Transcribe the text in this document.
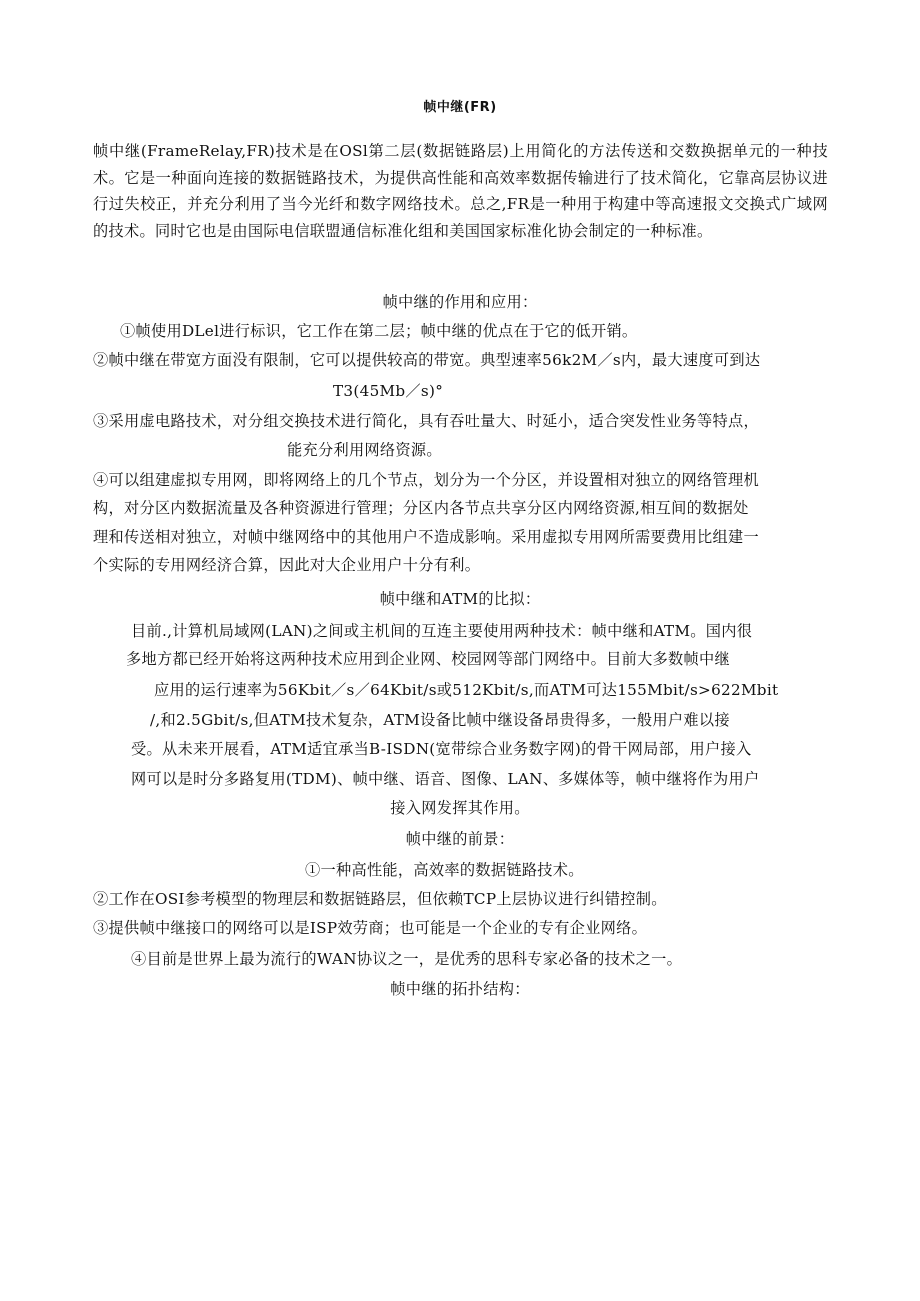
帧中继(FR)
帧中继(FrameRelay,FR)技术是在OSl第二层(数据链路层)上用简化的方法传送和交数换据单元的一种技术。它是一种面向连接的数据链路技术，为提供高性能和高效率数据传输进行了技术简化，它靠高层协议进行过失校正，并充分利用了当今光纤和数字网络技术。总之,FR是一种用于构建中等高速报文交换式广域网的技术。同时它也是由国际电信联盟通信标准化组和美国国家标准化协会制定的一种标准。
帧中继的作用和应用：
①帧使用DLel进行标识，它工作在第二层；帧中继的优点在于它的低开销。
②帧中继在带宽方面没有限制，它可以提供较高的带宽。典型速率56k2M／s内，最大速度可到达
T3(45Mb／s)°
③采用虚电路技术，对分组交换技术进行简化，具有吞吐量大、时延小，适合突发性业务等特点，
能充分利用网络资源。
④可以组建虚拟专用网，即将网络上的几个节点，划分为一个分区，并设置相对独立的网络管理机
构，对分区内数据流量及各种资源进行管理；分区内各节点共享分区内网络资源,相互间的数据处
理和传送相对独立，对帧中继网络中的其他用户不造成影响。采用虚拟专用网所需要费用比组建一
个实际的专用网经济合算，因此对大企业用户十分有利。
帧中继和ATM的比拟：
目前.,计算机局域网(LAN)之间或主机间的互连主要使用两种技术：帧中继和ATM。国内很
多地方都已经开始将这两种技术应用到企业网、校园网等部门网络中。目前大多数帧中继
应用的运行速率为56Kbit／s／64Kbit/s或512Kbit/s,而ATM可达155Mbit/s>622Mbit
/,和2.5Gbit/s,但ATM技术复杂，ATM设备比帧中继设备昂贵得多，一般用户难以接
受。从未来开展看，ATM适宜承当B-ISDN(宽带综合业务数字网)的骨干网局部，用户接入
网可以是时分多路复用(TDM)、帧中继、语音、图像、LAN、多媒体等，帧中继将作为用户
接入网发挥其作用。
帧中继的前景：
①一种高性能，高效率的数据链路技术。
②工作在OSI参考模型的物理层和数据链路层，但依赖TCP上层协议进行纠错控制。
③提供帧中继接口的网络可以是ISP效劳商；也可能是一个企业的专有企业网络。
④目前是世界上最为流行的WAN协议之一，是优秀的思科专家必备的技术之一。
帧中继的拓扑结构：
